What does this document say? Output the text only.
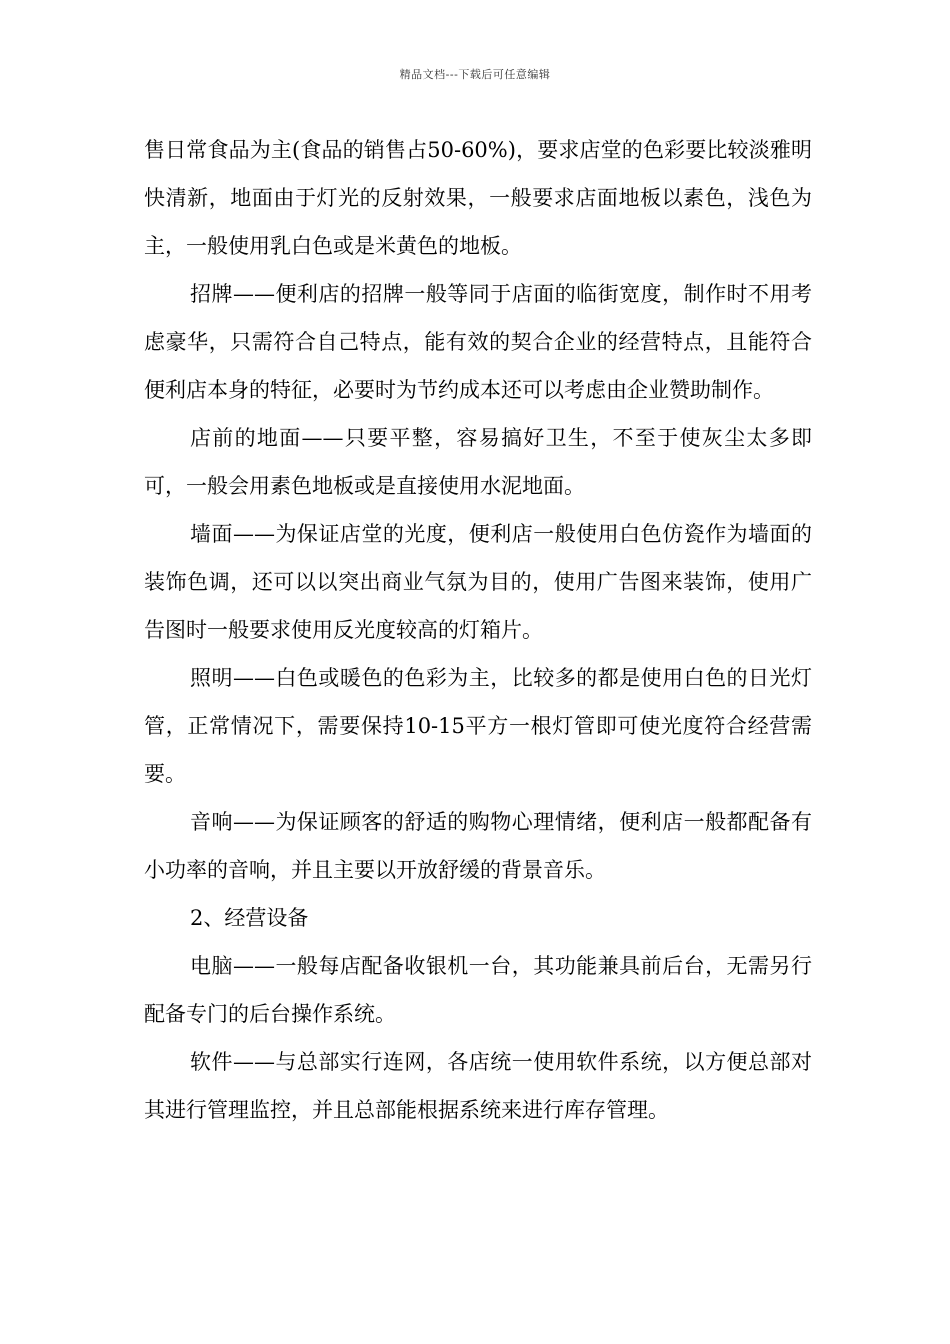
精品文档---下载后可任意编辑

售日常食品为主(食品的销售占50-60%)，要求店堂的色彩要比较淡雅明快清新，地面由于灯光的反射效果，一般要求店面地板以素色，浅色为主，一般使用乳白色或是米黄色的地板。

招牌——便利店的招牌一般等同于店面的临街宽度，制作时不用考虑豪华，只需符合自己特点，能有效的契合企业的经营特点，且能符合便利店本身的特征，必要时为节约成本还可以考虑由企业赞助制作。

店前的地面——只要平整，容易搞好卫生，不至于使灰尘太多即可，一般会用素色地板或是直接使用水泥地面。

墙面——为保证店堂的光度，便利店一般使用白色仿瓷作为墙面的装饰色调，还可以以突出商业气氛为目的，使用广告图来装饰，使用广告图时一般要求使用反光度较高的灯箱片。

照明——白色或暖色的色彩为主，比较多的都是使用白色的日光灯管，正常情况下，需要保持10-15平方一根灯管即可使光度符合经营需要。

音响——为保证顾客的舒适的购物心理情绪，便利店一般都配备有小功率的音响，并且主要以开放舒缓的背景音乐。

2、经营设备

电脑——一般每店配备收银机一台，其功能兼具前后台，无需另行配备专门的后台操作系统。

软件——与总部实行连网，各店统一使用软件系统，以方便总部对其进行管理监控，并且总部能根据系统来进行库存管理。
